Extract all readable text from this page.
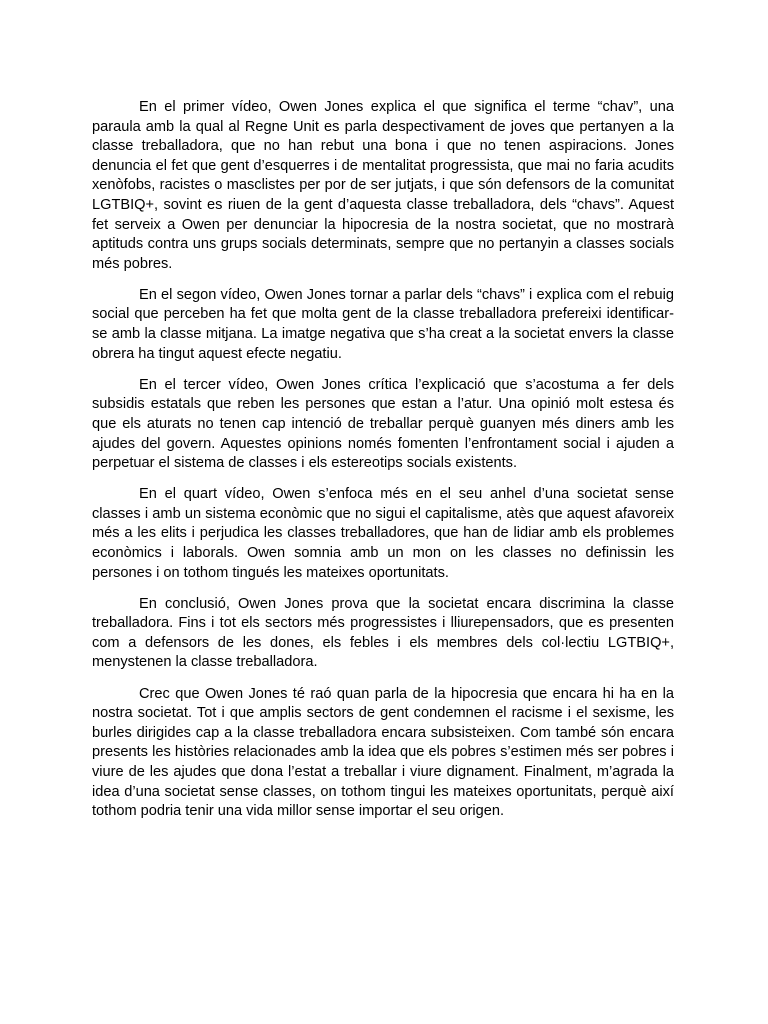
En el primer vídeo, Owen Jones explica el que significa el terme “chav”, una paraula amb la qual al Regne Unit es parla despectivament de joves que pertanyen a la classe treballadora, que no han rebut una bona i que no tenen aspiracions. Jones denuncia el fet que gent d’esquerres i de mentalitat progressista, que mai no faria acudits xenòfobs, racistes o masclistes per por de ser jutjats, i que són defensors de la comunitat LGTBIQ+, sovint es riuen de la gent d’aquesta classe treballadora, dels “chavs”. Aquest fet serveix a Owen per denunciar la hipocresia de la nostra societat, que no mostrarà aptituds contra uns grups socials determinats, sempre que no pertanyin a classes socials més pobres.

En el segon vídeo, Owen Jones tornar a parlar dels “chavs” i explica com el rebuig social que perceben ha fet que molta gent de la classe treballadora prefereixi identificar-se amb la classe mitjana. La imatge negativa que s’ha creat a la societat envers la classe obrera ha tingut aquest efecte negatiu.

En el tercer vídeo, Owen Jones crítica l’explicació que s’acostuma a fer dels subsidis estatals que reben les persones que estan a l’atur. Una opinió molt estesa és que els aturats no tenen cap intenció de treballar perquè guanyen més diners amb les ajudes del govern. Aquestes opinions només fomenten l’enfrontament social i ajuden a perpetuar el sistema de classes i els estereotips socials existents.

En el quart vídeo, Owen s’enfoca més en el seu anhel d’una societat sense classes i amb un sistema econòmic que no sigui el capitalisme, atès que aquest afavoreix més a les elits i perjudica les classes treballadores, que han de lidiar amb els problemes econòmics i laborals. Owen somnia amb un mon on les classes no definissin les persones i on tothom tingués les mateixes oportunitats.

En conclusió, Owen Jones prova que la societat encara discrimina la classe treballadora. Fins i tot els sectors més progressistes i lliurepensadors, que es presenten com a defensors de les dones, els febles i els membres dels col·lectiu LGTBIQ+, menystenen la classe treballadora.

Crec que Owen Jones té raó quan parla de la hipocresia que encara hi ha en la nostra societat. Tot i que amplis sectors de gent condemnen el racisme i el sexisme, les burles dirigides cap a la classe treballadora encara subsisteixen. Com també són encara presents les històries relacionades amb la idea que els pobres s’estimen més ser pobres i viure de les ajudes que dona l’estat a treballar i viure dignament. Finalment, m’agrada la idea d’una societat sense classes, on tothom tingui les mateixes oportunitats, perquè així tothom podria tenir una vida millor sense importar el seu origen.
